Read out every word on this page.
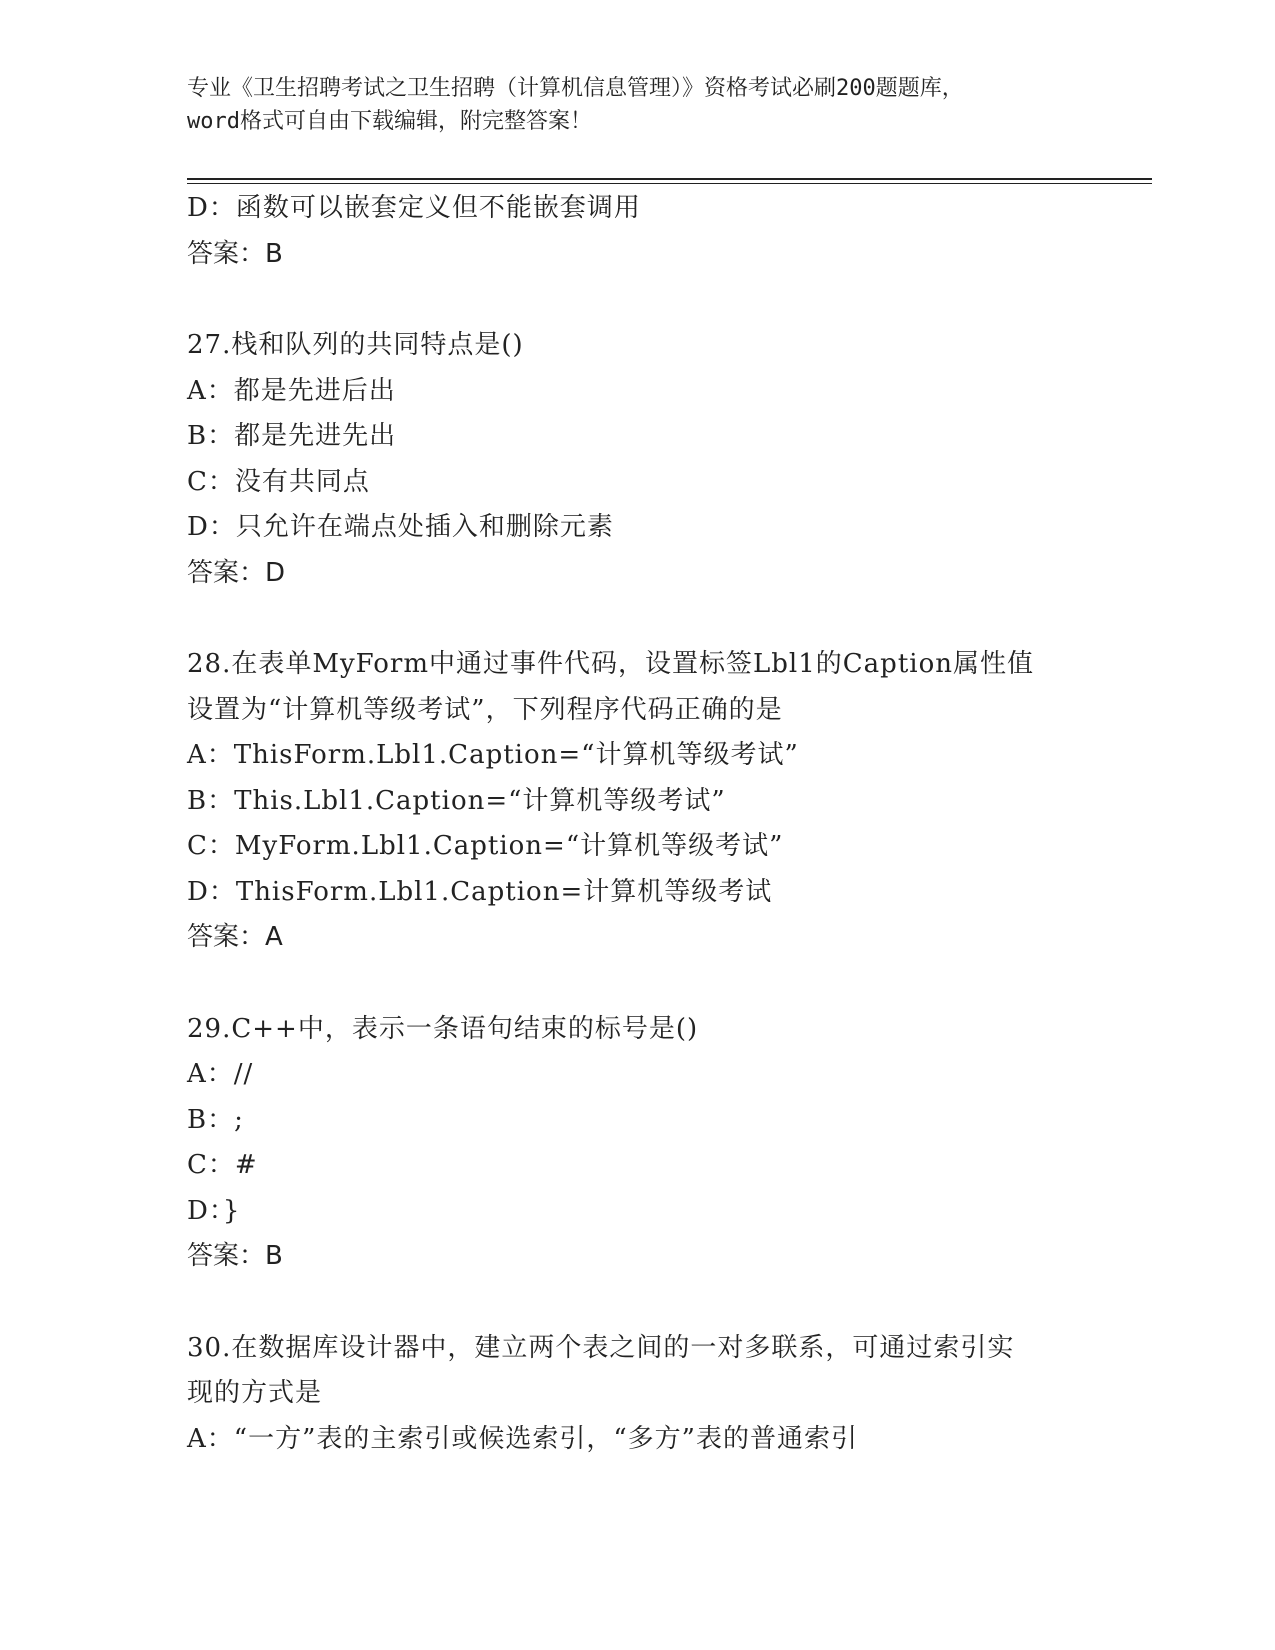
专业《卫生招聘考试之卫生招聘（计算机信息管理）》资格考试必刷200题题库，
word格式可自由下载编辑，附完整答案！
D：函数可以嵌套定义但不能嵌套调用
答案：B
27.栈和队列的共同特点是()
A：都是先进后出
B：都是先进先出
C：没有共同点
D：只允许在端点处插入和删除元素
答案：D
28.在表单MyForm中通过事件代码，设置标签Lbl1的Caption属性值
设置为“计算机等级考试”，下列程序代码正确的是
A：ThisForm.Lbl1.Caption=“计算机等级考试”
B：This.Lbl1.Caption=“计算机等级考试”
C：MyForm.Lbl1.Caption=“计算机等级考试”
D：ThisForm.Lbl1.Caption=计算机等级考试
答案：A
29.C++中，表示一条语句结束的标号是()
A：//
B：;
C：#
D：}
答案：B
30.在数据库设计器中，建立两个表之间的一对多联系，可通过索引实
现的方式是
A：“一方”表的主索引或候选索引，“多方”表的普通索引
